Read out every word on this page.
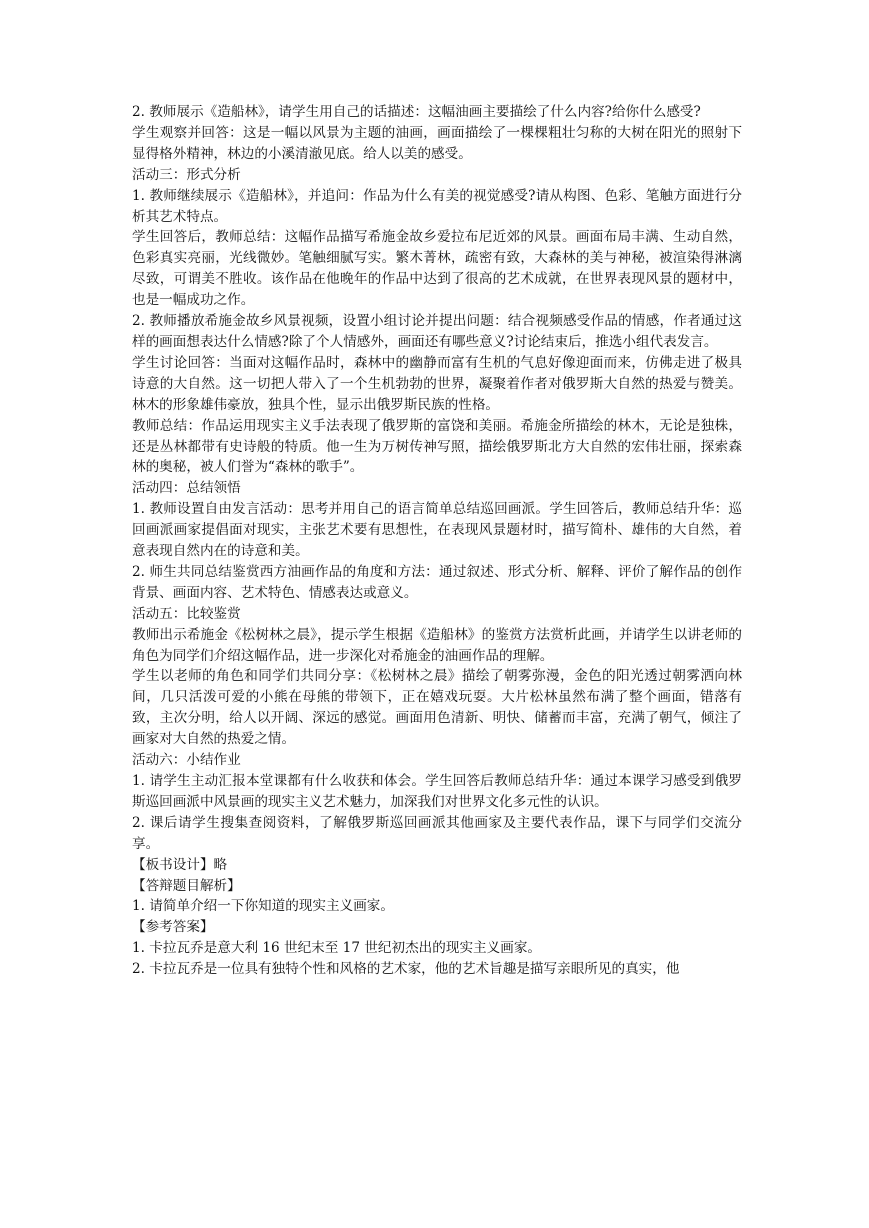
2. 教师展示《造船林》，请学生用自己的话描述：这幅油画主要描绘了什么内容?给你什么感受?

学生观察并回答：这是一幅以风景为主题的油画，画面描绘了一棵棵粗壮匀称的大树在阳光的照射下显得格外精神，林边的小溪清澈见底。给人以美的感受。

活动三：形式分析

1. 教师继续展示《造船林》，并追问：作品为什么有美的视觉感受?请从构图、色彩、笔触方面进行分析其艺术特点。

学生回答后，教师总结：这幅作品描写希施金故乡爱拉布尼近郊的风景。画面布局丰满、生动自然，色彩真实亮丽，光线微妙。笔触细腻写实。繁木菁林，疏密有致，大森林的美与神秘，被渲染得淋漓尽致，可谓美不胜收。该作品在他晚年的作品中达到了很高的艺术成就，在世界表现风景的题材中，也是一幅成功之作。

2. 教师播放希施金故乡风景视频，设置小组讨论并提出问题：结合视频感受作品的情感，作者通过这样的画面想表达什么情感?除了个人情感外，画面还有哪些意义?讨论结束后，推选小组代表发言。

学生讨论回答：当面对这幅作品时，森林中的幽静而富有生机的气息好像迎面而来，仿佛走进了极具诗意的大自然。这一切把人带入了一个生机勃勃的世界，凝聚着作者对俄罗斯大自然的热爱与赞美。林木的形象雄伟豪放，独具个性，显示出俄罗斯民族的性格。

教师总结：作品运用现实主义手法表现了俄罗斯的富饶和美丽。希施金所描绘的林木，无论是独株，还是丛林都带有史诗般的特质。他一生为万树传神写照，描绘俄罗斯北方大自然的宏伟壮丽，探索森林的奥秘，被人们誉为“森林的歌手”。

活动四：总结领悟

1. 教师设置自由发言活动：思考并用自己的语言简单总结巡回画派。学生回答后，教师总结升华：巡回画派画家提倡面对现实，主张艺术要有思想性，在表现风景题材时，描写简朴、雄伟的大自然，着意表现自然内在的诗意和美。

2. 师生共同总结鉴赏西方油画作品的角度和方法：通过叙述、形式分析、解释、评价了解作品的创作背景、画面内容、艺术特色、情感表达或意义。

活动五：比较鉴赏

教师出示希施金《松树林之晨》，提示学生根据《造船林》的鉴赏方法赏析此画，并请学生以讲老师的角色为同学们介绍这幅作品，进一步深化对希施金的油画作品的理解。

学生以老师的角色和同学们共同分享：《松树林之晨》描绘了朝雾弥漫，金色的阳光透过朝雾洒向林间，几只活泼可爱的小熊在母熊的带领下，正在嬉戏玩耍。大片松林虽然布满了整个画面，错落有致，主次分明，给人以开阔、深远的感觉。画面用色清新、明快、储蓄而丰富，充满了朝气，倾注了画家对大自然的热爱之情。

活动六：小结作业

1. 请学生主动汇报本堂课都有什么收获和体会。学生回答后教师总结升华：通过本课学习感受到俄罗斯巡回画派中风景画的现实主义艺术魅力，加深我们对世界文化多元性的认识。

2. 课后请学生搜集查阅资料，了解俄罗斯巡回画派其他画家及主要代表作品，课下与同学们交流分享。

【板书设计】略

【答辩题目解析】

1. 请简单介绍一下你知道的现实主义画家。

【参考答案】

1. 卡拉瓦乔是意大利 16 世纪末至 17 世纪初杰出的现实主义画家。

2. 卡拉瓦乔是一位具有独特个性和风格的艺术家，他的艺术旨趣是描写亲眼所见的真实，他
